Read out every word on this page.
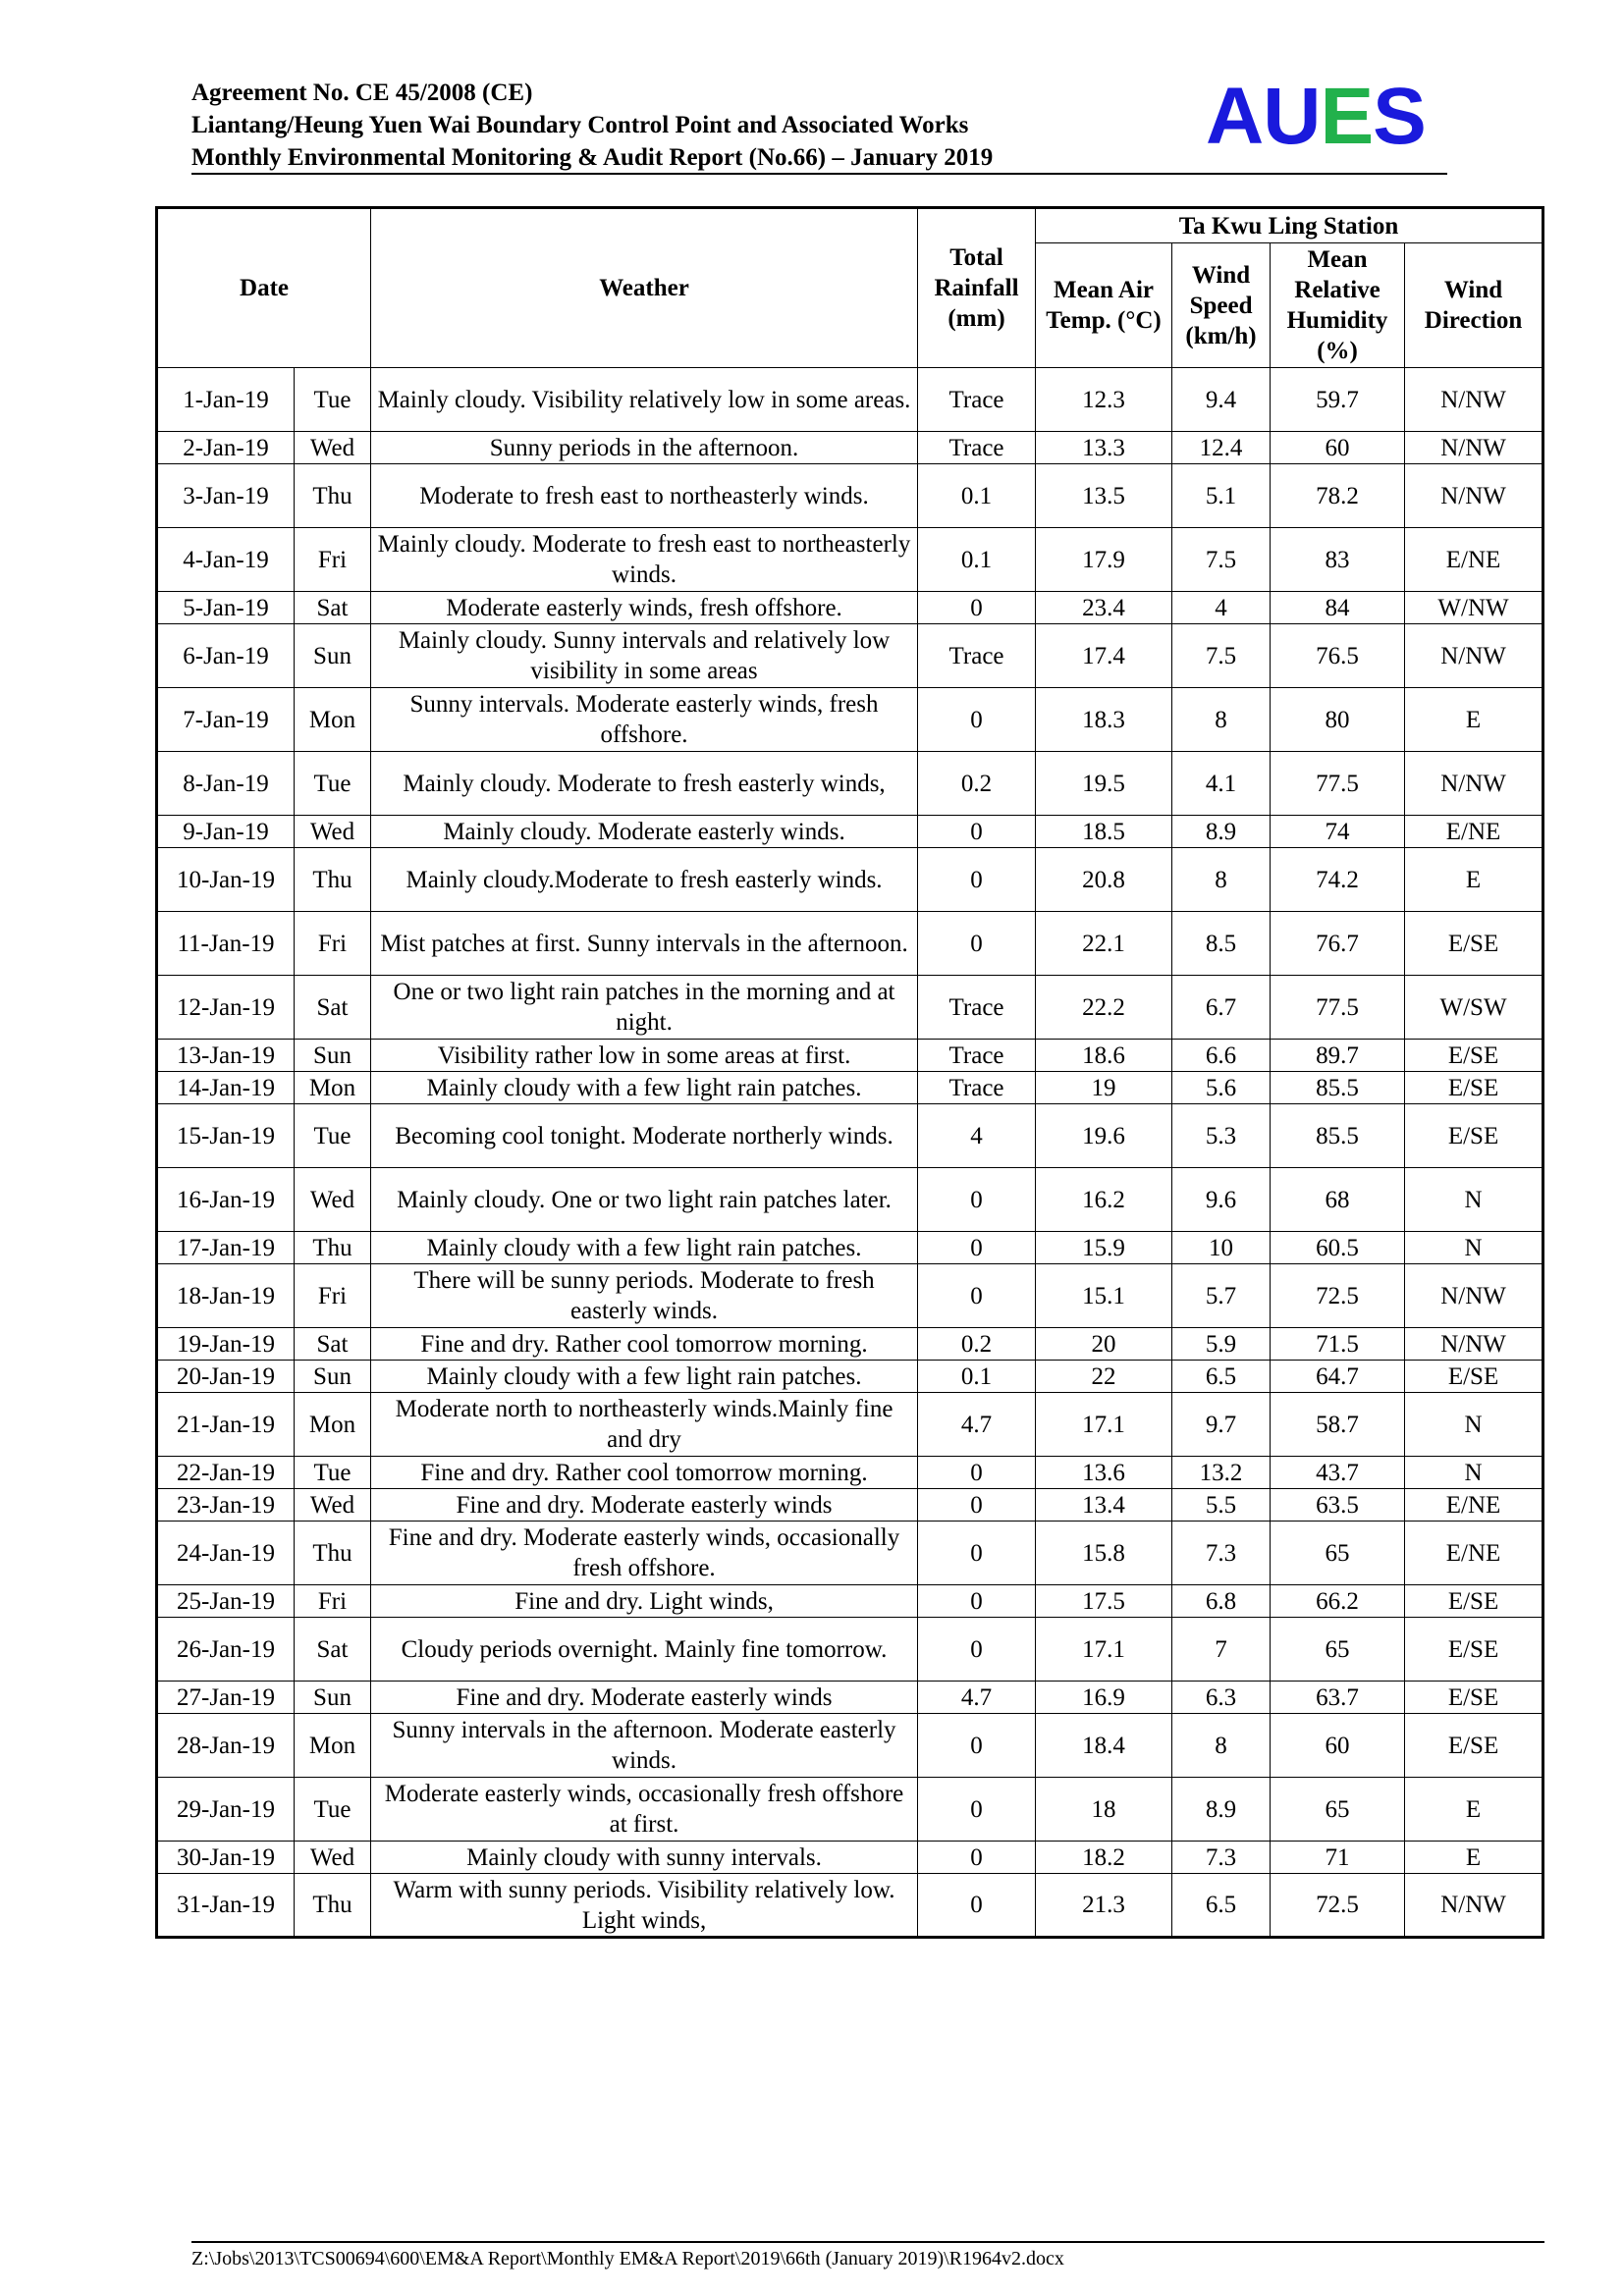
Agreement No. CE 45/2008 (CE)
Liantang/Heung Yuen Wai Boundary Control Point and Associated Works
Monthly Environmental Monitoring & Audit Report (No.66) – January 2019	AUES
Date		Weather	Total Rainfall (mm)	Ta Kwu Ling Station			
				Mean Air Temp. (°C)	Wind Speed (km/h)	Mean Relative Humidity (%)	Wind Direction
1-Jan-19	Tue	Mainly cloudy. Visibility relatively low in some areas.	Trace	12.3	9.4	59.7	N/NW
2-Jan-19	Wed	Sunny periods in the afternoon.	Trace	13.3	12.4	60	N/NW
3-Jan-19	Thu	Moderate to fresh east to northeasterly winds.	0.1	13.5	5.1	78.2	N/NW
4-Jan-19	Fri	Mainly cloudy. Moderate to fresh east to northeasterly winds.	0.1	17.9	7.5	83	E/NE
5-Jan-19	Sat	Moderate easterly winds, fresh offshore.	0	23.4	4	84	W/NW
6-Jan-19	Sun	Mainly cloudy. Sunny intervals and relatively low visibility in some areas	Trace	17.4	7.5	76.5	N/NW
7-Jan-19	Mon	Sunny intervals. Moderate easterly winds, fresh offshore.	0	18.3	8	80	E
8-Jan-19	Tue	Mainly cloudy. Moderate to fresh easterly winds,	0.2	19.5	4.1	77.5	N/NW
9-Jan-19	Wed	Mainly cloudy. Moderate easterly winds.	0	18.5	8.9	74	E/NE
10-Jan-19	Thu	Mainly cloudy.Moderate to fresh easterly winds.	0	20.8	8	74.2	E
11-Jan-19	Fri	Mist patches at first. Sunny intervals in the afternoon.	0	22.1	8.5	76.7	E/SE
12-Jan-19	Sat	One or two light rain patches in the morning and at night.	Trace	22.2	6.7	77.5	W/SW
13-Jan-19	Sun	Visibility rather low in some areas at first.	Trace	18.6	6.6	89.7	E/SE
14-Jan-19	Mon	Mainly cloudy with a few light rain patches.	Trace	19	5.6	85.5	E/SE
15-Jan-19	Tue	Becoming cool tonight. Moderate northerly winds.	4	19.6	5.3	85.5	E/SE
16-Jan-19	Wed	Mainly cloudy. One or two light rain patches later.	0	16.2	9.6	68	N
17-Jan-19	Thu	Mainly cloudy with a few light rain patches.	0	15.9	10	60.5	N
18-Jan-19	Fri	There will be sunny periods. Moderate to fresh easterly winds.	0	15.1	5.7	72.5	N/NW
19-Jan-19	Sat	Fine and dry. Rather cool tomorrow morning.	0.2	20	5.9	71.5	N/NW
20-Jan-19	Sun	Mainly cloudy with a few light rain patches.	0.1	22	6.5	64.7	E/SE
21-Jan-19	Mon	Moderate north to northeasterly winds.Mainly fine and dry	4.7	17.1	9.7	58.7	N
22-Jan-19	Tue	Fine and dry. Rather cool tomorrow morning.	0	13.6	13.2	43.7	N
23-Jan-19	Wed	Fine and dry. Moderate easterly winds	0	13.4	5.5	63.5	E/NE
24-Jan-19	Thu	Fine and dry. Moderate easterly winds, occasionally fresh offshore.	0	15.8	7.3	65	E/NE
25-Jan-19	Fri	Fine and dry. Light winds,	0	17.5	6.8	66.2	E/SE
26-Jan-19	Sat	Cloudy periods overnight. Mainly fine tomorrow.	0	17.1	7	65	E/SE
27-Jan-19	Sun	Fine and dry. Moderate easterly winds	4.7	16.9	6.3	63.7	E/SE
28-Jan-19	Mon	Sunny intervals in the afternoon. Moderate easterly winds.	0	18.4	8	60	E/SE
29-Jan-19	Tue	Moderate easterly winds, occasionally fresh offshore at first.	0	18	8.9	65	E
30-Jan-19	Wed	Mainly cloudy with sunny intervals.	0	18.2	7.3	71	E
31-Jan-19	Thu	Warm with sunny periods. Visibility relatively low. Light winds,	0	21.3	6.5	72.5	N/NW
Z:\Jobs\2013\TCS00694\600\EM&A Report\Monthly EM&A Report\2019\66th (January 2019)\R1964v2.docx
